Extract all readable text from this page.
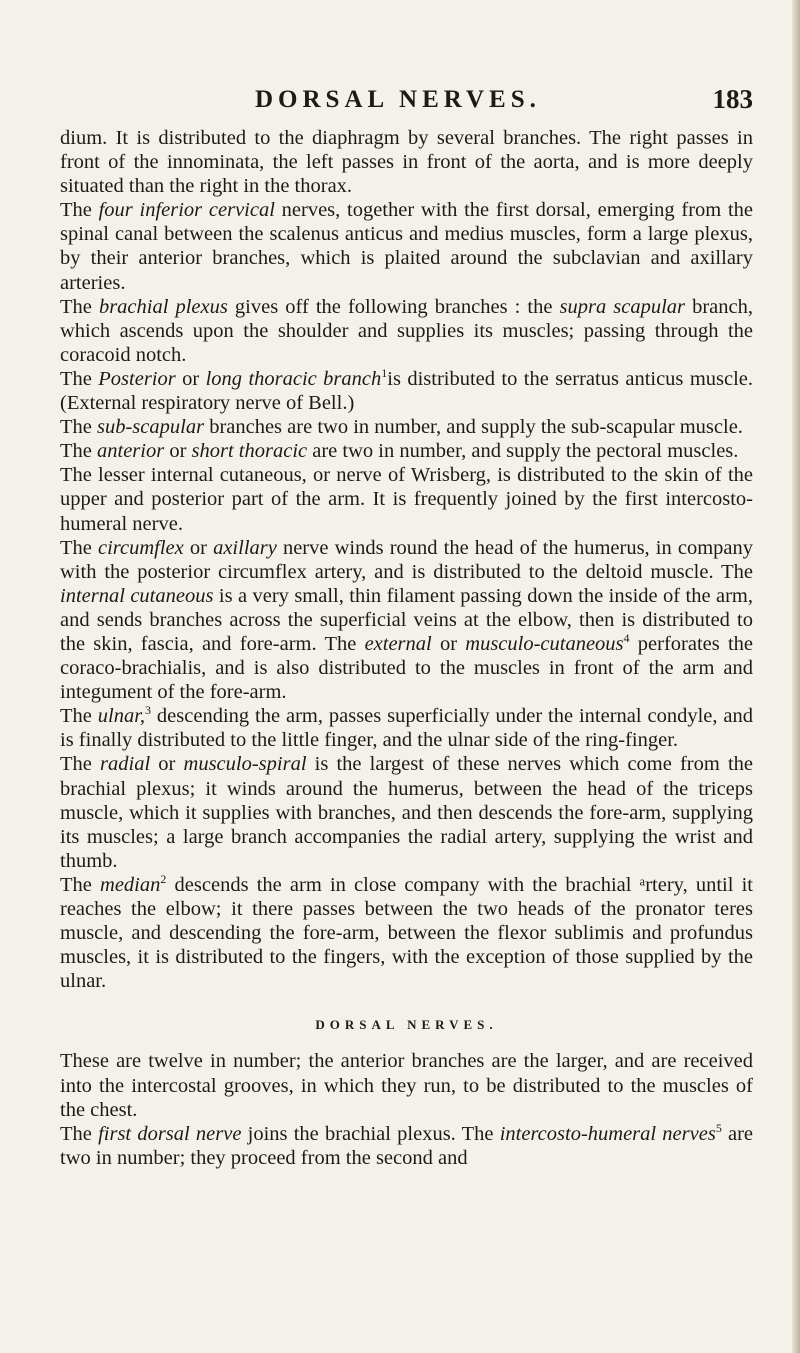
DORSAL NERVES.	183

dium. It is distributed to the diaphragm by several branches. The right passes in front of the innominata, the left passes in front of the aorta, and is more deeply situated than the right in the thorax.

The four inferior cervical nerves, together with the first dorsal, emerging from the spinal canal between the scalenus anticus and medius muscles, form a large plexus, by their anterior branches, which is plaited around the subclavian and axillary arteries.

The brachial plexus gives off the following branches : the supra scapular branch, which ascends upon the shoulder and supplies its muscles; passing through the coracoid notch.

The Posterior or long thoracic branch$^1$is distributed to the serratus anticus muscle. (External respiratory nerve of Bell.)

The sub-scapular branches are two in number, and supply the sub-scapular muscle.

The anterior or short thoracic are two in number, and supply the pectoral muscles.

The lesser internal cutaneous, or nerve of Wrisberg, is distributed to the skin of the upper and posterior part of the arm. It is frequently joined by the first intercosto-humeral nerve.

The circumflex or axillary nerve winds round the head of the humerus, in company with the posterior circumflex artery, and is distributed to the deltoid muscle. The internal cutaneous is a very small, thin filament passing down the inside of the arm, and sends branches across the superficial veins at the elbow, then is distributed to the skin, fascia, and fore-arm. The external or musculo-cutaneous$^4$ perforates the coraco-brachialis, and is also distributed to the muscles in front of the arm and integument of the fore-arm.

The ulnar,$^3$ descending the arm, passes superficially under the internal condyle, and is finally distributed to the little finger, and the ulnar side of the ring-finger.

The radial or musculo-spiral is the largest of these nerves which come from the brachial plexus; it winds around the humerus, between the head of the triceps muscle, which it supplies with branches, and then descends the fore-arm, supplying its muscles; a large branch accompanies the radial artery, supplying the wrist and thumb.

The median$^2$ descends the arm in close company with the brachial ᵃrtery, until it reaches the elbow; it there passes between the two heads of the pronator teres muscle, and descending the fore-arm, between the flexor sublimis and profundus muscles, it is distributed to the fingers, with the exception of those supplied by the ulnar.

DORSAL NERVES.

These are twelve in number; the anterior branches are the larger, and are received into the intercostal grooves, in which they run, to be distributed to the muscles of the chest.

The first dorsal nerve joins the brachial plexus. The intercosto-humeral nerves$^5$ are two in number; they proceed from the second and
